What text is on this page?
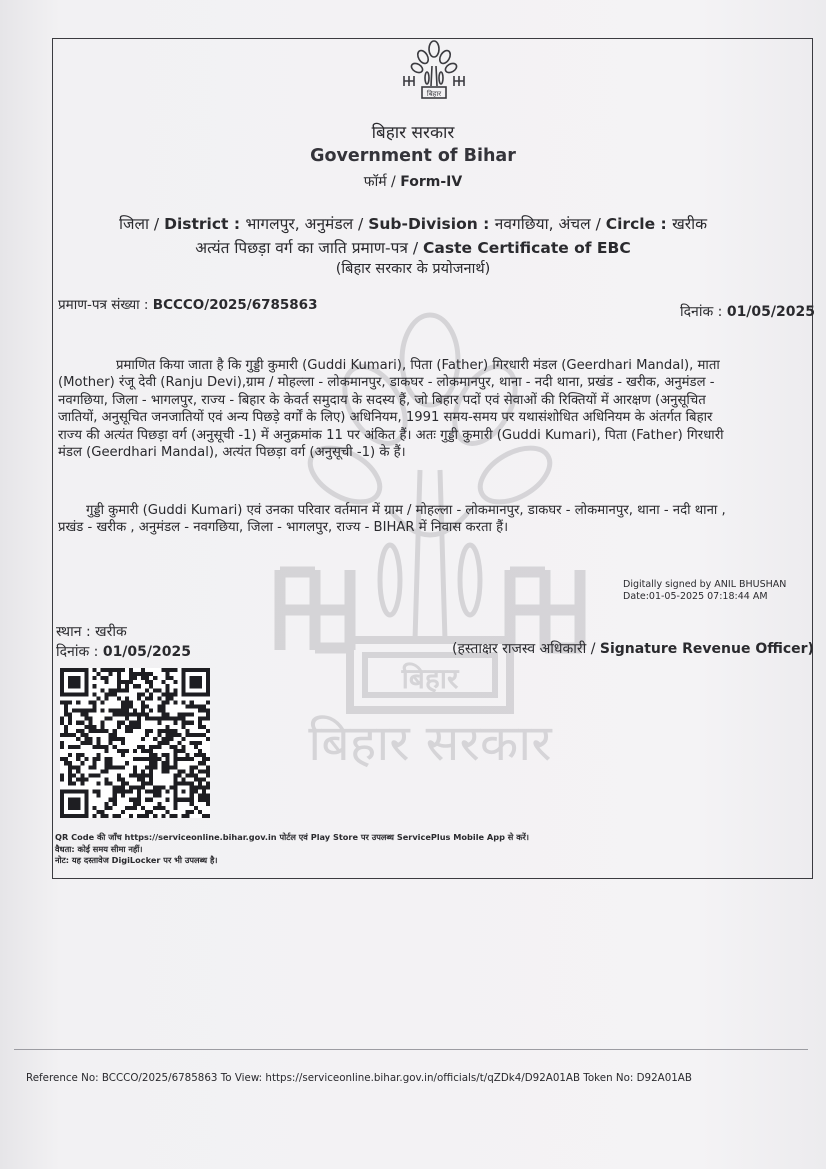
बिहार
बिहार सरकार
बिहार
बिहार सरकार
Government of Bihar
फॉर्म / Form-IV
जिला / District : भागलपुर, अनुमंडल / Sub-Division : नवगछिया, अंचल / Circle : खरीक
अत्यंत पिछड़ा वर्ग का जाति प्रमाण-पत्र / Caste Certificate of EBC
(बिहार सरकार के प्रयोजनार्थ)
प्रमाण-पत्र संख्या : BCCCO/2025/6785863	दिनांक : 01/05/2025
प्रमाणित किया जाता है कि गुड्डी कुमारी (Guddi Kumari), पिता (Father) गिरधारी मंडल (Geerdhari Mandal), माता
(Mother) रंजू देवी (Ranju Devi),ग्राम / मोहल्ला - लोकमानपुर, डाकघर - लोकमानपुर, थाना - नदी थाना, प्रखंड - खरीक, अनुमंडल -
नवगछिया, जिला - भागलपुर, राज्य - बिहार के केवर्त समुदाय के सदस्य हैं, जो बिहार पदों एवं सेवाओं की रिक्तियों में आरक्षण (अनुसूचित
जातियों, अनुसूचित जनजातियों एवं अन्य पिछड़े वर्गों के लिए) अधिनियम, 1991 समय-समय पर यथासंशोधित अधिनियम के अंतर्गत बिहार
राज्य की अत्यंत पिछड़ा वर्ग (अनुसूची -1) में अनुक्रमांक 11 पर अंकित हैं। अतः गुड्डी कुमारी (Guddi Kumari), पिता (Father) गिरधारी
मंडल (Geerdhari Mandal), अत्यंत पिछड़ा वर्ग (अनुसूची -1) के हैं।
गुड्डी कुमारी (Guddi Kumari) एवं उनका परिवार वर्तमान में ग्राम / मोहल्ला - लोकमानपुर, डाकघर - लोकमानपुर, थाना - नदी थाना ,
प्रखंड - खरीक , अनुमंडल - नवगछिया, जिला - भागलपुर, राज्य - BIHAR में निवास करता हैं।
Digitally signed by ANIL BHUSHAN
Date:01-05-2025 07:18:44 AM
स्थान : खरीक
दिनांक : 01/05/2025	(हस्ताक्षर राजस्व अधिकारी / Signature Revenue Officer)
QR Code की जाँच https://serviceonline.bihar.gov.in पोर्टल एवं Play Store पर उपलब्ध ServicePlus Mobile App से करें।
वैधता: कोई समय सीमा नहीं।
नोट: यह दस्तावेज DigiLocker पर भी उपलब्ध है।
Reference No: BCCCO/2025/6785863 To View: https://serviceonline.bihar.gov.in/officials/t/qZDk4/D92A01AB Token No: D92A01AB
